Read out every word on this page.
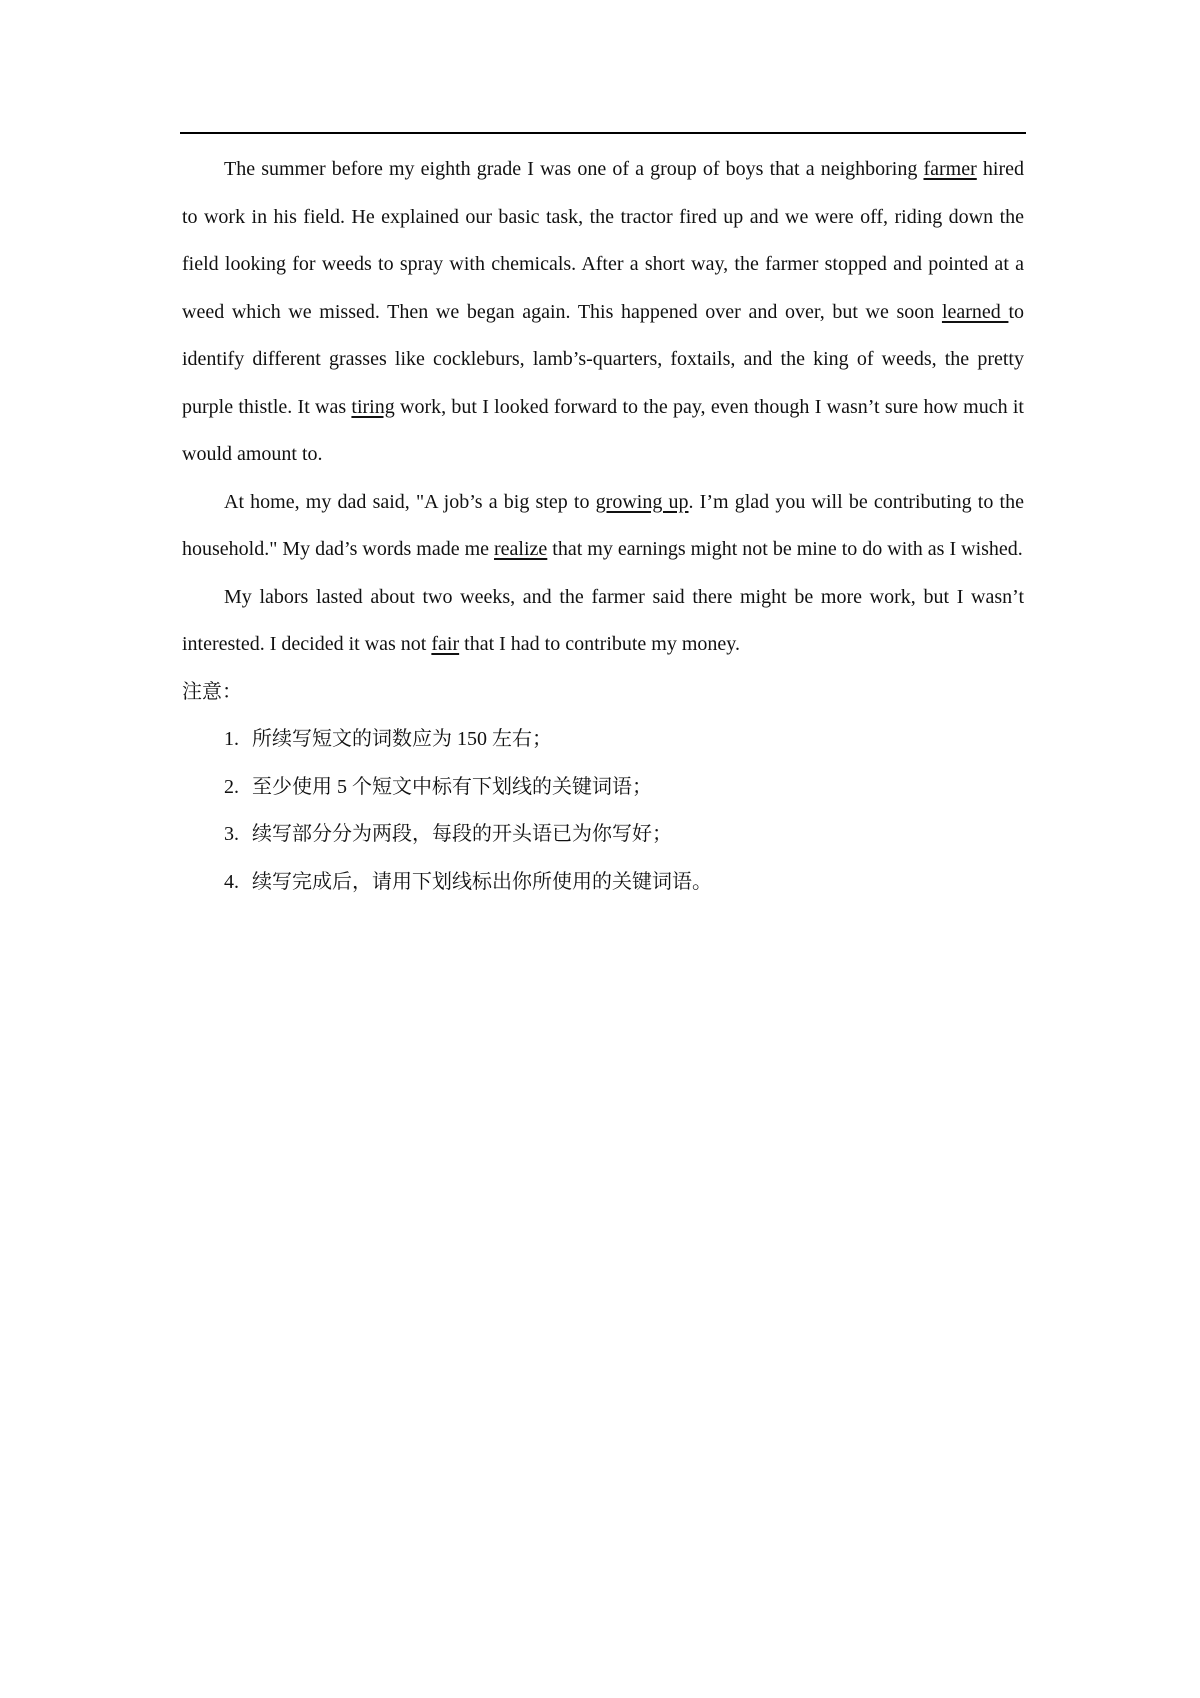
The summer before my eighth grade I was one of a group of boys that a neighboring farmer hired to work in his field. He explained our basic task, the tractor fired up and we were off, riding down the field looking for weeds to spray with chemicals. After a short way, the farmer stopped and pointed at a weed which we missed. Then we began again. This happened over and over, but we soon learned to identify different grasses like cockleburs, lamb’s-quarters, foxtails, and the king of weeds, the pretty purple thistle. It was tiring work, but I looked forward to the pay, even though I wasn’t sure how much it would amount to.

At home, my dad said, "A job’s a big step to growing up. I’m glad you will be contributing to the household." My dad’s words made me realize that my earnings might not be mine to do with as I wished.

My labors lasted about two weeks, and the farmer said there might be more work, but I wasn’t interested. I decided it was not fair that I had to contribute my money.

注意：

1. 所续写短文的词数应为 150 左右；

2. 至少使用 5 个短文中标有下划线的关键词语；

3. 续写部分分为两段，每段的开头语已为你写好；

4. 续写完成后，请用下划线标出你所使用的关键词语。
